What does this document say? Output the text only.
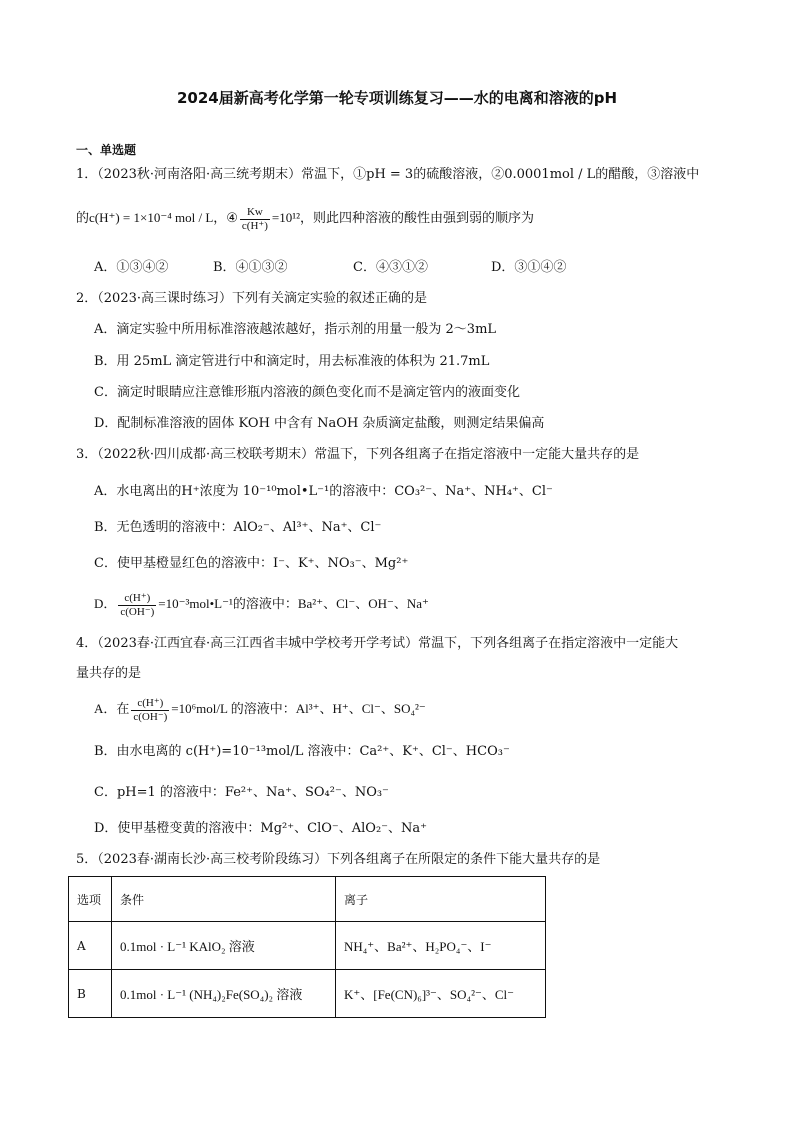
2024届新高考化学第一轮专项训练复习——水的电离和溶液的pH
一、单选题
1．（2023秋·河南洛阳·高三统考期末）常温下，①pH = 3的硫酸溶液，②0.0001mol / L的醋酸，③溶液中
的c(H⁺) = 1×10⁻⁴ mol / L，④ $\frac{Kw}{c(H^+)} =10^{12}$，则此四种溶液的酸性由强到弱的顺序为
A．①③④②	B．④①③②	C．④③①②	D．③①④②
2．（2023·高三课时练习）下列有关滴定实验的叙述正确的是
A．滴定实验中所用标准溶液越浓越好，指示剂的用量一般为 2～3mL
B．用 25mL 滴定管进行中和滴定时，用去标准液的体积为 21.7mL
C．滴定时眼睛应注意锥形瓶内溶液的颜色变化而不是滴定管内的液面变化
D．配制标准溶液的固体 KOH 中含有 NaOH 杂质滴定盐酸，则测定结果偏高
3．（2022秋·四川成都·高三校联考期末）常温下，下列各组离子在指定溶液中一定能大量共存的是
A．水电离出的H⁺浓度为 10⁻¹⁰mol•L⁻¹的溶液中：CO₃²⁻、Na⁺、NH₄⁺、Cl⁻
B．无色透明的溶液中：AlO₂⁻、Al³⁺、Na⁺、Cl⁻
C．使甲基橙显红色的溶液中：I⁻、K⁺、NO₃⁻、Mg²⁺
D． $\frac{c(H^+)}{c(OH^-)}$ =10⁻³mol•L⁻¹的溶液中：Ba²⁺、Cl⁻、OH⁻、Na⁺
4．（2023春·江西宜春·高三江西省丰城中学校考开学考试）常温下，下列各组离子在指定溶液中一定能大
量共存的是
A．在 $\frac{c(H^+)}{c(OH^-)} =10^6mol/L$ 的溶液中：Al³⁺、H⁺、Cl⁻、SO₄²⁻
B．由水电离的 c(H⁺)=10⁻¹³mol/L 溶液中：Ca²⁺、K⁺、Cl⁻、HCO₃⁻
C．pH=1 的溶液中：Fe²⁺、Na⁺、SO₄²⁻、NO₃⁻
D．使甲基橙变黄的溶液中：Mg²⁺、ClO⁻、AlO₂⁻、Na⁺
5．（2023春·湖南长沙·高三校考阶段练习）下列各组离子在所限定的条件下能大量共存的是
选项	条件	离子
A	0.1mol · L⁻¹ KAlO₂ 溶液	NH₄⁺、Ba²⁺、H₂PO₄⁻、I⁻
B	0.1mol · L⁻¹ (NH₄)₂Fe(SO₄)₂ 溶液	K⁺、[Fe(CN)₆]³⁻、SO₄²⁻、Cl⁻
